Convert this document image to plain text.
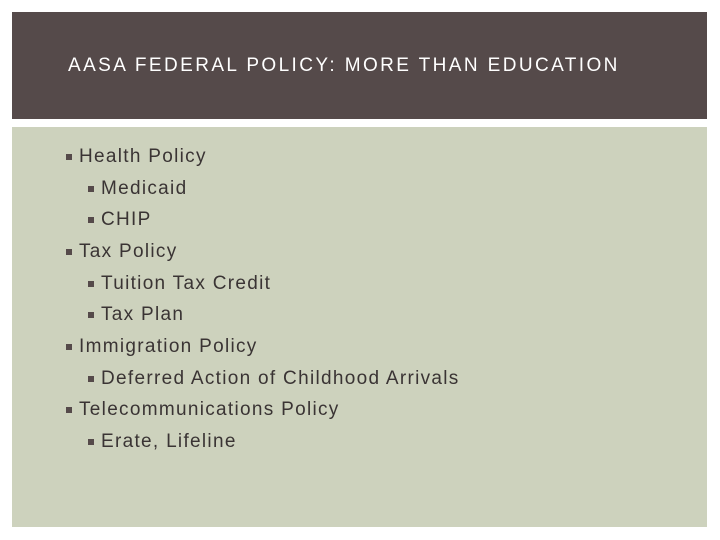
AASA FEDERAL POLICY: MORE THAN EDUCATION
Health Policy
Medicaid
CHIP
Tax Policy
Tuition Tax Credit
Tax Plan
Immigration Policy
Deferred Action of Childhood Arrivals
Telecommunications Policy
Erate, Lifeline
